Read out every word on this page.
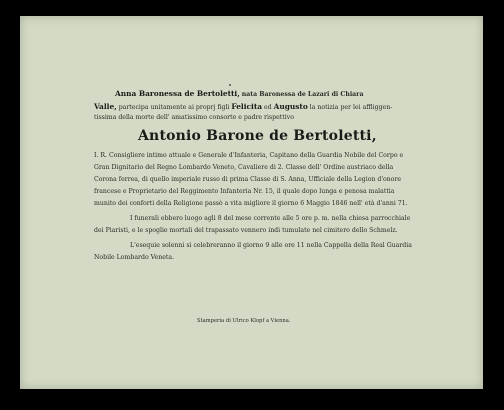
Anna Baronessa de Bertoletti, nata Baronessa de Lazari di Chiara
Valle, partecipa unitamente ai proprj figli Felicita ed Augusto la notizia per lei affliggen-
tissima della morte dell' amatissimo consorte e padre rispettivo
Antonio Barone de Bertoletti,
I. R. Consigliere intimo attuale e Generale d'Infanteria, Capitano della Guardia Nobile del Corpo e
Gran Dignitario del Regno Lombardo Veneto, Cavaliere di 2. Classe dell' Ordine austriaco della
Corona ferrea, di quello imperiale russo di prima Classe di S. Anna, Ufficiale della Legion d'onore
francese e Proprietario del Reggimento Infanteria Nr. 15, il quale dopo lunga e penosa malattia
munito dei conforti della Religione passò a vita migliore il giorno 6 Maggio 1846 nell' età d'anni 71.
I funerali ebbero luogo agli 8 del mese corrente alle 5 ore p. m. nella chiesa parrocchiale
dei Piaristi, e le spoglie mortali del trapassato vennero indi tumulate nel cimitero dello Schmelz.
L'esequie solenni si celebreranno il giorno 9 alle ore 11 nella Cappella della Real Guardia
Nobile Lombardo Veneta.
Stamperia di Ulrico Klopf a Vienna.
